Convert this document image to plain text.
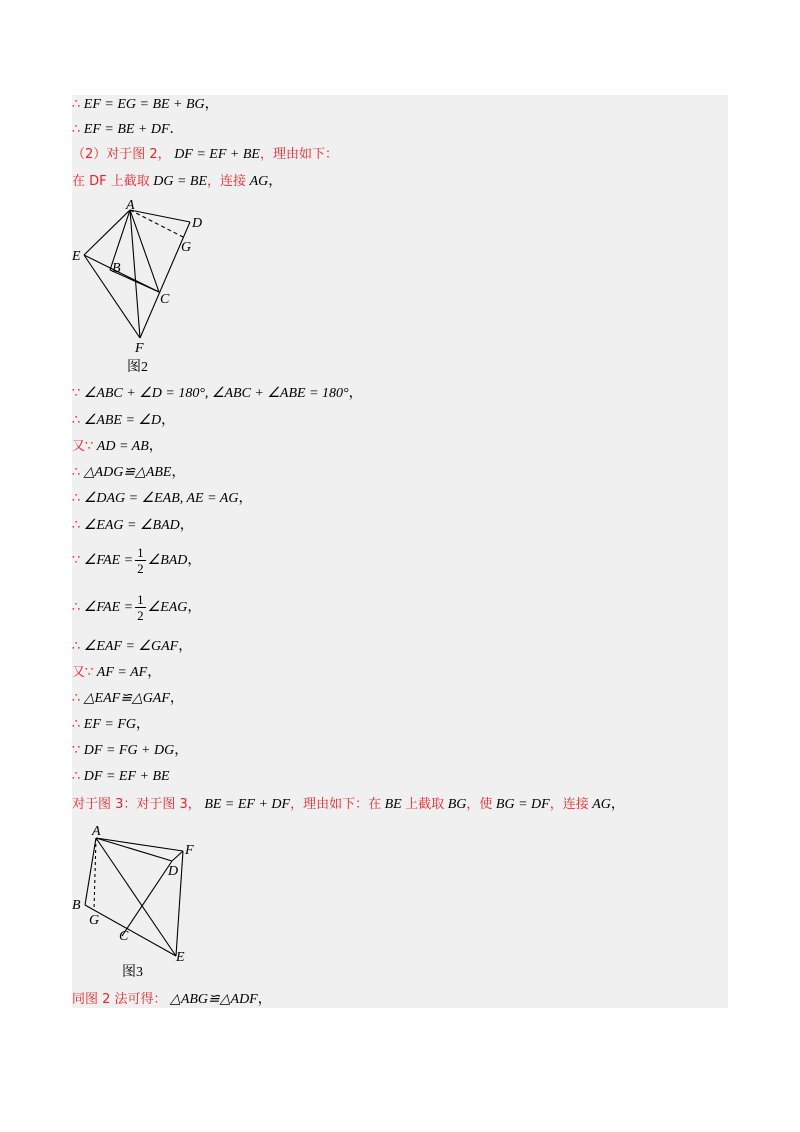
∴ EF = EG = BE + BG，
∴ EF = BE + DF．
（2）对于图 2， DF = EF + BE，理由如下：
在 DF 上截取 DG = BE，连接 AG，
A
D
G
E
B
C
F
图2
∵ ∠ABC + ∠D = 180°, ∠ABC + ∠ABE = 180°，
∴ ∠ABE = ∠D，
又∵ AD = AB，
∴ △ADG≌△ABE，
∴ ∠DAG = ∠EAB, AE = AG，
∴ ∠EAG = ∠BAD，
∵ ∠FAE = $\frac{1}{2}$ ∠BAD，
∴ ∠FAE = $\frac{1}{2}$ ∠EAG，
∴ ∠EAF = ∠GAF，
又∵ AF = AF，
∴ △EAF≌△GAF，
∴ EF = FG，
∵ DF = FG + DG，
∴ DF = EF + BE
对于图 3：对于图 3， BE = EF + DF，理由如下：在 BE 上截取 BG，使 BG = DF，连接 AG，
A
F
D
B
G
C
E
图3
同图 2 法可得： △ABG≌△ADF，
